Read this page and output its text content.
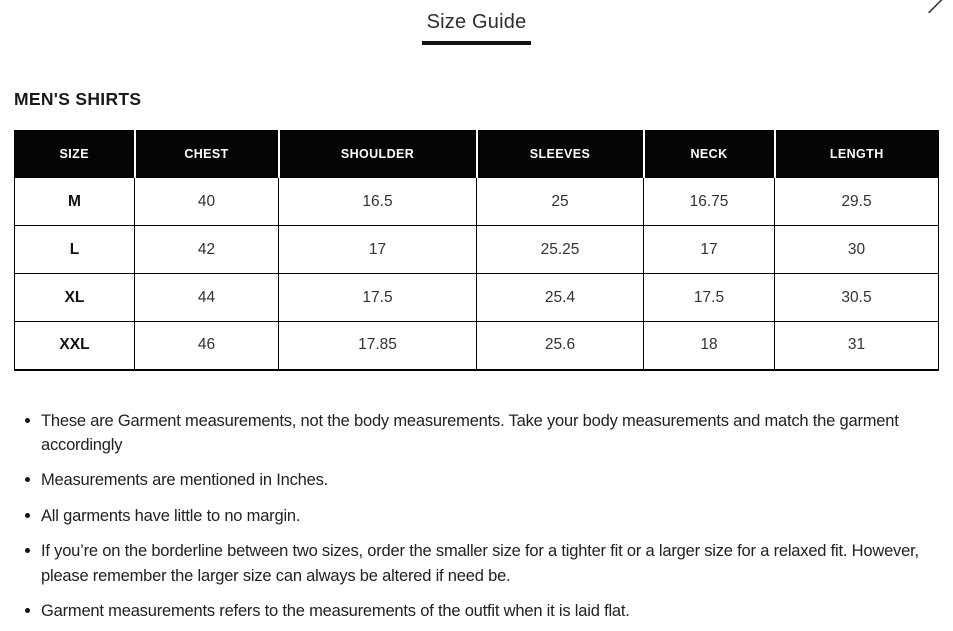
Size Guide
MEN'S SHIRTS
SIZE	CHEST	SHOULDER	SLEEVES	NECK	LENGTH
M	40	16.5	25	16.75	29.5
L	42	17	25.25	17	30
XL	44	17.5	25.4	17.5	30.5
XXL	46	17.85	25.6	18	31
These are Garment measurements, not the body measurements. Take your body measurements and match the garment accordingly
Measurements are mentioned in Inches.
All garments have little to no margin.
If you’re on the borderline between two sizes, order the smaller size for a tighter fit or a larger size for a relaxed fit. However, please remember the larger size can always be altered if need be.
Garment measurements refers to the measurements of the outfit when it is laid flat.
